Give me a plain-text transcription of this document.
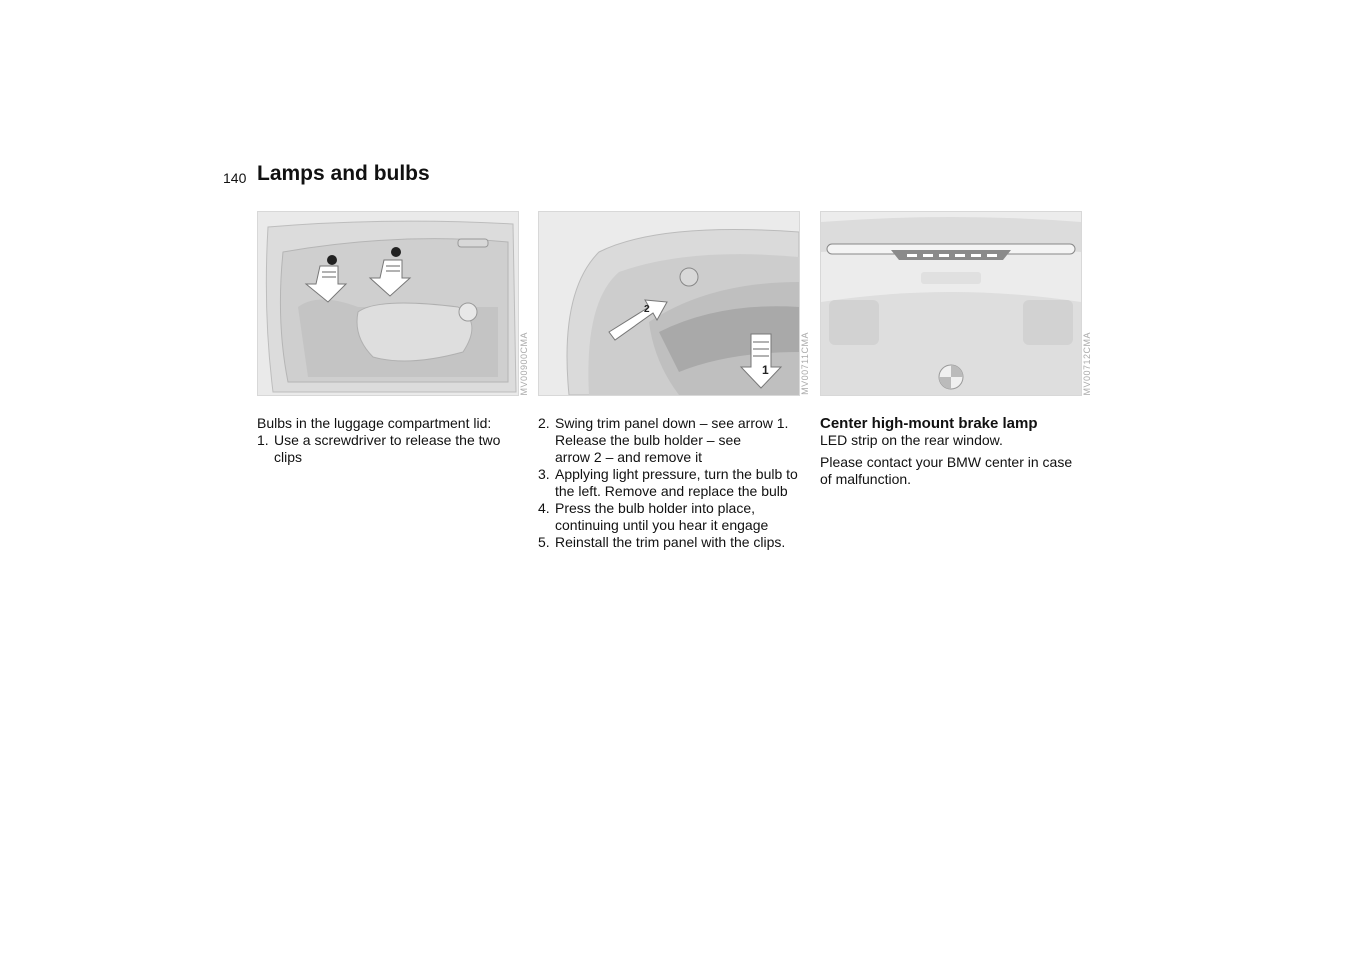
140 Lamps and bulbs
MV00900CMA
2
1	MV00711CMA	MV00712CMA

Bulbs in the luggage compartment lid:

1. Use a screwdriver to release the two clips
2. Swing trim panel down – see arrow 1.
Release the bulb holder – see
arrow 2 – and remove it
3. Applying light pressure, turn the bulb to the left. Remove and replace the bulb
4. Press the bulb holder into place, continuing until you hear it engage
5. Reinstall the trim panel with the clips.

Center high-mount brake lamp

LED strip on the rear window.

Please contact your BMW center in case of malfunction.
